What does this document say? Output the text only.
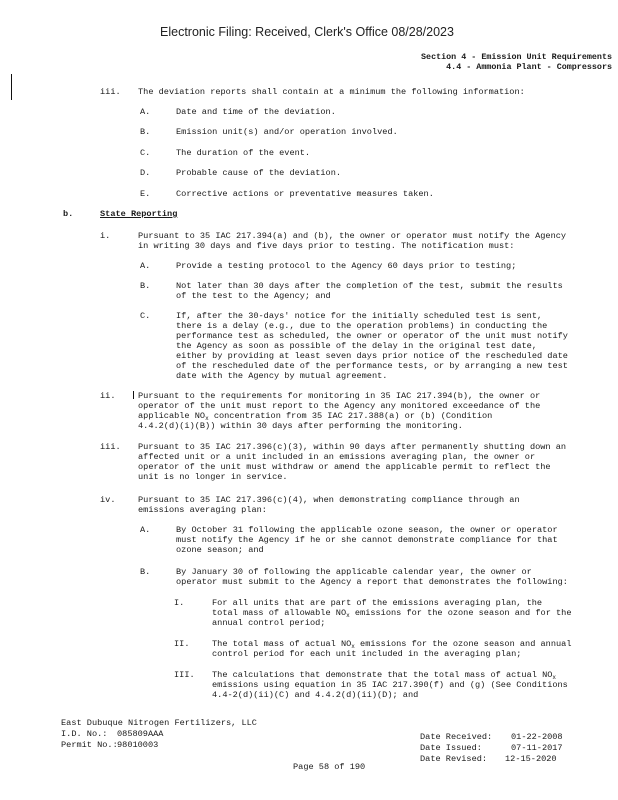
Electronic Filing: Received, Clerk's Office 08/28/2023
Section 4 - Emission Unit Requirements
4.4 - Ammonia Plant - Compressors
iii. The deviation reports shall contain at a minimum the following information:
A.	Date and time of the deviation.
B.	Emission unit(s) and/or operation involved.
C.	The duration of the event.
D.	Probable cause of the deviation.
E.	Corrective actions or preventative measures taken.
b.	State Reporting
i.	Pursuant to 35 IAC 217.394(a) and (b), the owner or operator must notify the Agency
in writing 30 days and five days prior to testing. The notification must:
A.	Provide a testing protocol to the Agency 60 days prior to testing;
B.	Not later than 30 days after the completion of the test, submit the results
of the test to the Agency; and
C.	If, after the 30-days' notice for the initially scheduled test is sent,
there is a delay (e.g., due to the operation problems) in conducting the
performance test as scheduled, the owner or operator of the unit must notify
the Agency as soon as possible of the delay in the original test date,
either by providing at least seven days prior notice of the rescheduled date
of the rescheduled date of the performance tests, or by arranging a new test
date with the Agency by mutual agreement.
ii.	Pursuant to the requirements for monitoring in 35 IAC 217.394(b), the owner or
operator of the unit must report to the Agency any monitored exceedance of the
applicable $NO_x$ concentration from 35 IAC 217.388(a) or (b) (Condition
4.4.2(d)(i)(B)) within 30 days after performing the monitoring.
iii. Pursuant to 35 IAC 217.396(c)(3), within 90 days after permanently shutting down an
affected unit or a unit included in an emissions averaging plan, the owner or
operator of the unit must withdraw or amend the applicable permit to reflect the
unit is no longer in service.
iv.	Pursuant to 35 IAC 217.396(c)(4), when demonstrating compliance through an
emissions averaging plan:
A.	By October 31 following the applicable ozone season, the owner or operator
must notify the Agency if he or she cannot demonstrate compliance for that
ozone season; and
B.	By January 30 of following the applicable calendar year, the owner or
operator must submit to the Agency a report that demonstrates the following:
I.	For all units that are part of the emissions averaging plan, the
total mass of allowable $NO_x$ emissions for the ozone season and for the
annual control period;
II.	The total mass of actual $NO_x$ emissions for the ozone season and annual
control period for each unit included in the averaging plan;
III. The calculations that demonstrate that the total mass of actual $NO_x$
emissions using equation in 35 IAC 217.390(f) and (g) (See Conditions
4.4-2(d)(ii)(C) and 4.4.2(d)(ii)(D); and
East Dubuque Nitrogen Fertilizers, LLC
I.D. No.: 085809AAA
Permit No.: 98010003
Date Received: 01-22-2008
Date Issued:	07-11-2017
Date Revised: 12-15-2020
Page 58 of 190
